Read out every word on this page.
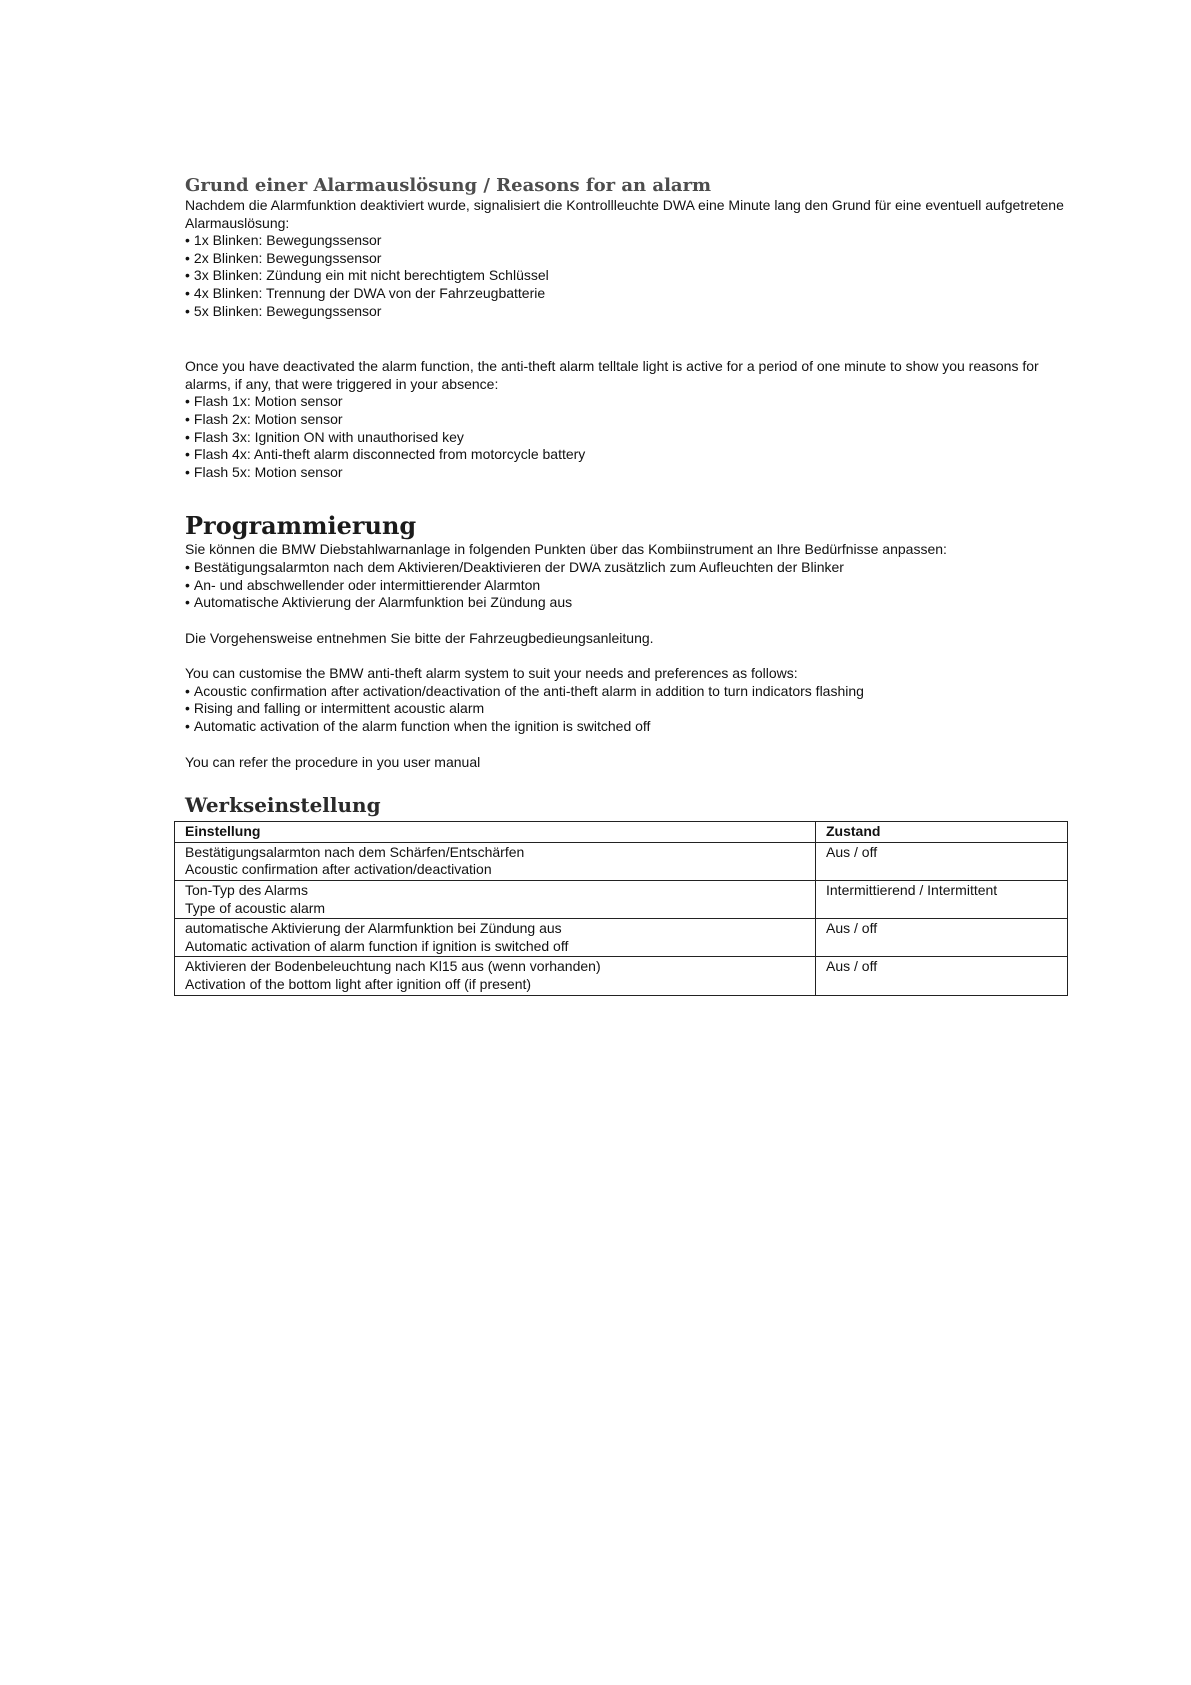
Grund einer Alarmauslösung / Reasons for an alarm

Nachdem die Alarmfunktion deaktiviert wurde, signalisiert die Kontrollleuchte DWA eine Minute lang den Grund für eine eventuell aufgetretene Alarmauslösung:

• 1x Blinken: Bewegungssensor
• 2x Blinken: Bewegungssensor
• 3x Blinken: Zündung ein mit nicht berechtigtem Schlüssel
• 4x Blinken: Trennung der DWA von der Fahrzeugbatterie
• 5x Blinken: Bewegungssensor

Once you have deactivated the alarm function, the anti-theft alarm telltale light is active for a period of one minute to show you reasons for alarms, if any, that were triggered in your absence:

• Flash 1x: Motion sensor
• Flash 2x: Motion sensor
• Flash 3x: Ignition ON with unauthorised key
• Flash 4x: Anti-theft alarm disconnected from motorcycle battery
• Flash 5x: Motion sensor
Programmierung

Sie können die BMW Diebstahlwarnanlage in folgenden Punkten über das Kombiinstrument an Ihre Bedürfnisse anpassen:

• Bestätigungsalarmton nach dem Aktivieren/Deaktivieren der DWA zusätzlich zum Aufleuchten der Blinker
• An- und abschwellender oder intermittierender Alarmton
• Automatische Aktivierung der Alarmfunktion bei Zündung aus

Die Vorgehensweise entnehmen Sie bitte der Fahrzeugbedieungsanleitung.

You can customise the BMW anti-theft alarm system to suit your needs and preferences as follows:

• Acoustic confirmation after activation/deactivation of the anti-theft alarm in addition to turn indicators flashing
• Rising and falling or intermittent acoustic alarm
• Automatic activation of the alarm function when the ignition is switched off

You can refer the procedure in you user manual

Werkseinstellung
Einstellung	Zustand

Bestätigungsalarmton nach dem Schärfen/Entschärfen
Acoustic confirmation after activation/deactivation	Aus / off

Ton-Typ des Alarms
Type of acoustic alarm	Intermittierend / Intermittent

automatische Aktivierung der Alarmfunktion bei Zündung aus
Automatic activation of alarm function if ignition is switched off	Aus / off

Aktivieren der Bodenbeleuchtung nach Kl15 aus (wenn vorhanden)
Activation of the bottom light after ignition off (if present)	Aus / off
